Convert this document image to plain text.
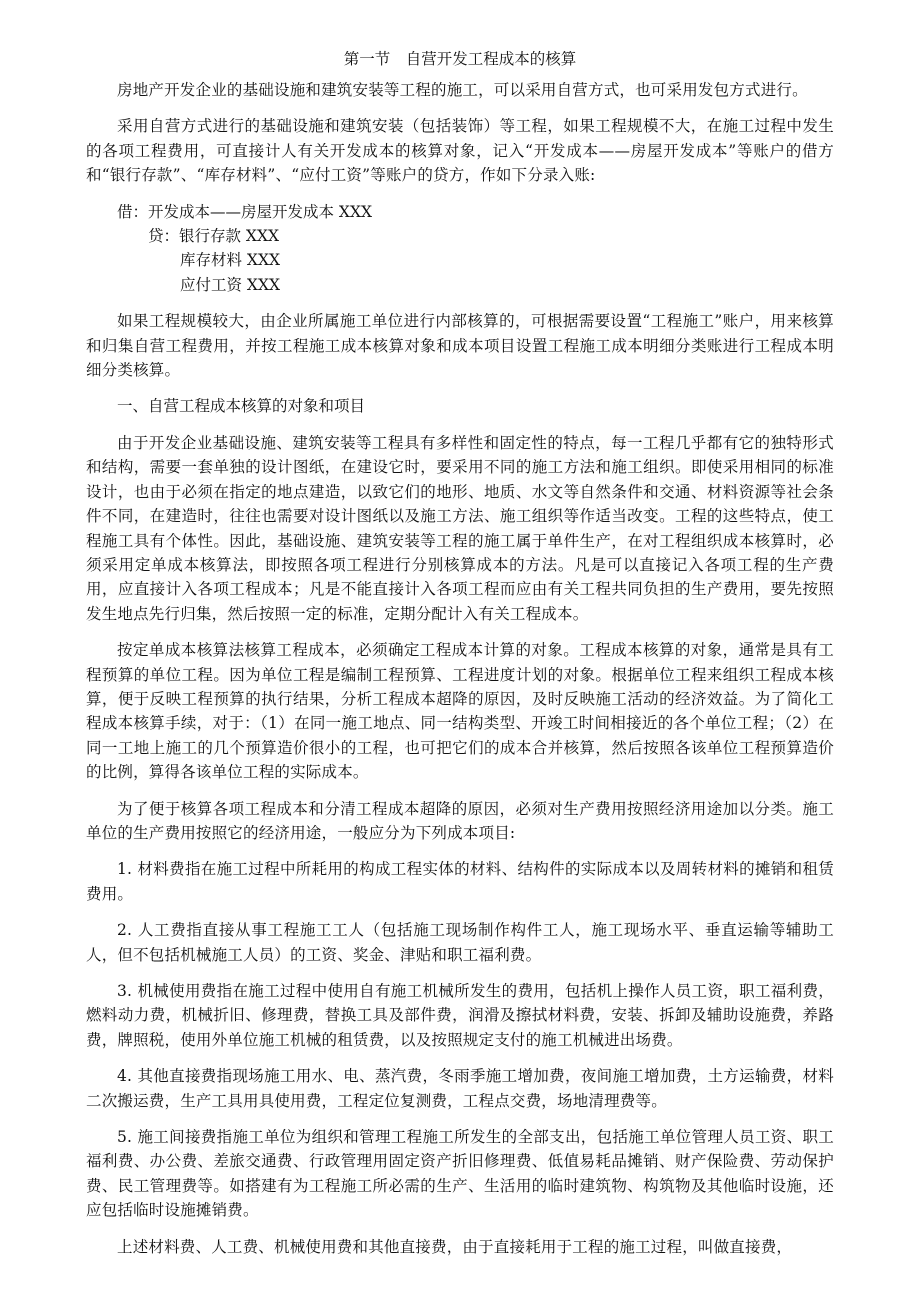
第一节　自营开发工程成本的核算

房地产开发企业的基础设施和建筑安装等工程的施工，可以采用自营方式，也可采用发包方式进行。

采用自营方式进行的基础设施和建筑安装（包括装饰）等工程，如果工程规模不大，在施工过程中发生的各项工程费用，可直接计人有关开发成本的核算对象，记入“开发成本——房屋开发成本”等账户的借方和“银行存款”、“库存材料”、“应付工资”等账户的贷方，作如下分录入账:

借：开发成本——房屋开发成本 XXX

贷：银行存款 XXX

库存材料 XXX

应付工资 XXX

如果工程规模较大，由企业所属施工单位进行内部核算的，可根据需要设置“工程施工”账户，用来核算和归集自营工程费用，并按工程施工成本核算对象和成本项目设置工程施工成本明细分类账进行工程成本明细分类核算。

一、自营工程成本核算的对象和项目

由于开发企业基础设施、建筑安装等工程具有多样性和固定性的特点，每一工程几乎都有它的独特形式和结构，需要一套单独的设计图纸，在建设它时，要采用不同的施工方法和施工组织。即使采用相同的标准设计，也由于必须在指定的地点建造，以致它们的地形、地质、水文等自然条件和交通、材料资源等社会条件不同，在建造时，往往也需要对设计图纸以及施工方法、施工组织等作适当改变。工程的这些特点，使工程施工具有个体性。因此，基础设施、建筑安装等工程的施工属于单件生产，在对工程组织成本核算时，必须采用定单成本核算法，即按照各项工程进行分别核算成本的方法。凡是可以直接记入各项工程的生产费用，应直接计入各项工程成本；凡是不能直接计入各项工程而应由有关工程共同负担的生产费用，要先按照发生地点先行归集，然后按照一定的标准，定期分配计入有关工程成本。

按定单成本核算法核算工程成本，必须确定工程成本计算的对象。工程成本核算的对象，通常是具有工程预算的单位工程。因为单位工程是编制工程预算、工程进度计划的对象。根据单位工程来组织工程成本核算，便于反映工程预算的执行结果，分析工程成本超降的原因，及时反映施工活动的经济效益。为了简化工程成本核算手续，对于：（1）在同一施工地点、同一结构类型、开竣工时间相接近的各个单位工程；（2）在同一工地上施工的几个预算造价很小的工程，也可把它们的成本合并核算，然后按照各该单位工程预算造价的比例，算得各该单位工程的实际成本。

为了便于核算各项工程成本和分清工程成本超降的原因，必须对生产费用按照经济用途加以分类。施工单位的生产费用按照它的经济用途，一般应分为下列成本项目:

1. 材料费指在施工过程中所耗用的构成工程实体的材料、结构件的实际成本以及周转材料的摊销和租赁费用。

2. 人工费指直接从事工程施工工人（包括施工现场制作构件工人，施工现场水平、垂直运输等辅助工人，但不包括机械施工人员）的工资、奖金、津贴和职工福利费。

3. 机械使用费指在施工过程中使用自有施工机械所发生的费用，包括机上操作人员工资，职工福利费，燃料动力费，机械折旧、修理费，替换工具及部件费，润滑及擦拭材料费，安装、拆卸及辅助设施费，养路费，牌照税，使用外单位施工机械的租赁费，以及按照规定支付的施工机械进出场费。

4. 其他直接费指现场施工用水、电、蒸汽费，冬雨季施工增加费，夜间施工增加费，土方运输费，材料二次搬运费，生产工具用具使用费，工程定位复测费，工程点交费，场地清理费等。

5. 施工间接费指施工单位为组织和管理工程施工所发生的全部支出，包括施工单位管理人员工资、职工福利费、办公费、差旅交通费、行政管理用固定资产折旧修理费、低值易耗品摊销、财产保险费、劳动保护费、民工管理费等。如搭建有为工程施工所必需的生产、生活用的临时建筑物、构筑物及其他临时设施，还应包括临时设施摊销费。

上述材料费、人工费、机械使用费和其他直接费，由于直接耗用于工程的施工过程，叫做直接费，
